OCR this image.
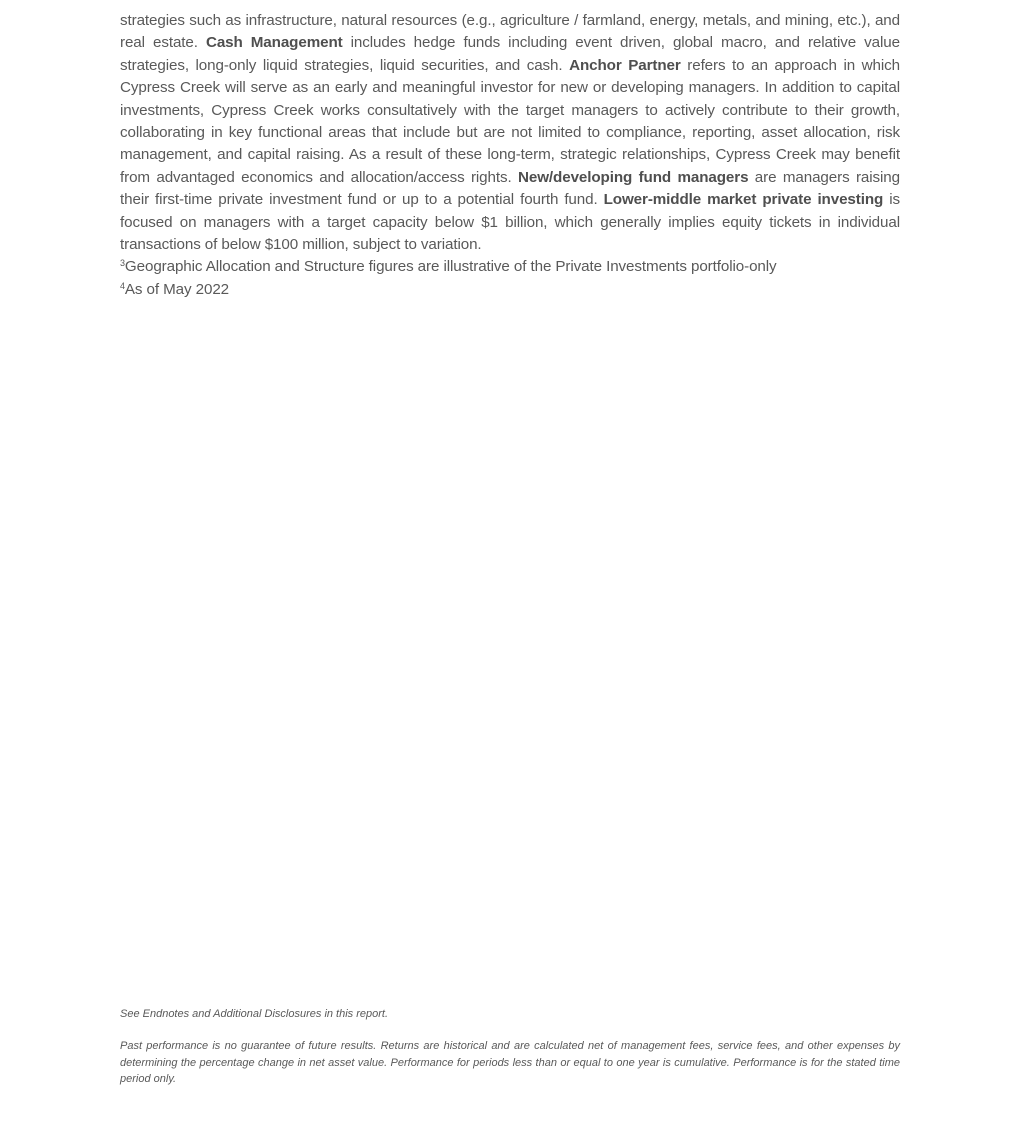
strategies such as infrastructure, natural resources (e.g., agriculture / farmland, energy, metals, and mining, etc.), and real estate. Cash Management includes hedge funds including event driven, global macro, and relative value strategies, long-only liquid strategies, liquid securities, and cash. Anchor Partner refers to an approach in which Cypress Creek will serve as an early and meaningful investor for new or developing managers. In addition to capital investments, Cypress Creek works consultatively with the target managers to actively contribute to their growth, collaborating in key functional areas that include but are not limited to compliance, reporting, asset allocation, risk management, and capital raising. As a result of these long-term, strategic relationships, Cypress Creek may benefit from advantaged economics and allocation/access rights. New/developing fund managers are managers raising their first-time private investment fund or up to a potential fourth fund. Lower-middle market private investing is focused on managers with a target capacity below $1 billion, which generally implies equity tickets in individual transactions of below $100 million, subject to variation.

$^3$Geographic Allocation and Structure figures are illustrative of the Private Investments portfolio-only

$^4$As of May 2022

See Endnotes and Additional Disclosures in this report.
Past performance is no guarantee of future results. Returns are historical and are calculated net of management fees, service fees, and other expenses by determining the percentage change in net asset value. Performance for periods less than or equal to one year is cumulative. Performance is for the stated time period only.
